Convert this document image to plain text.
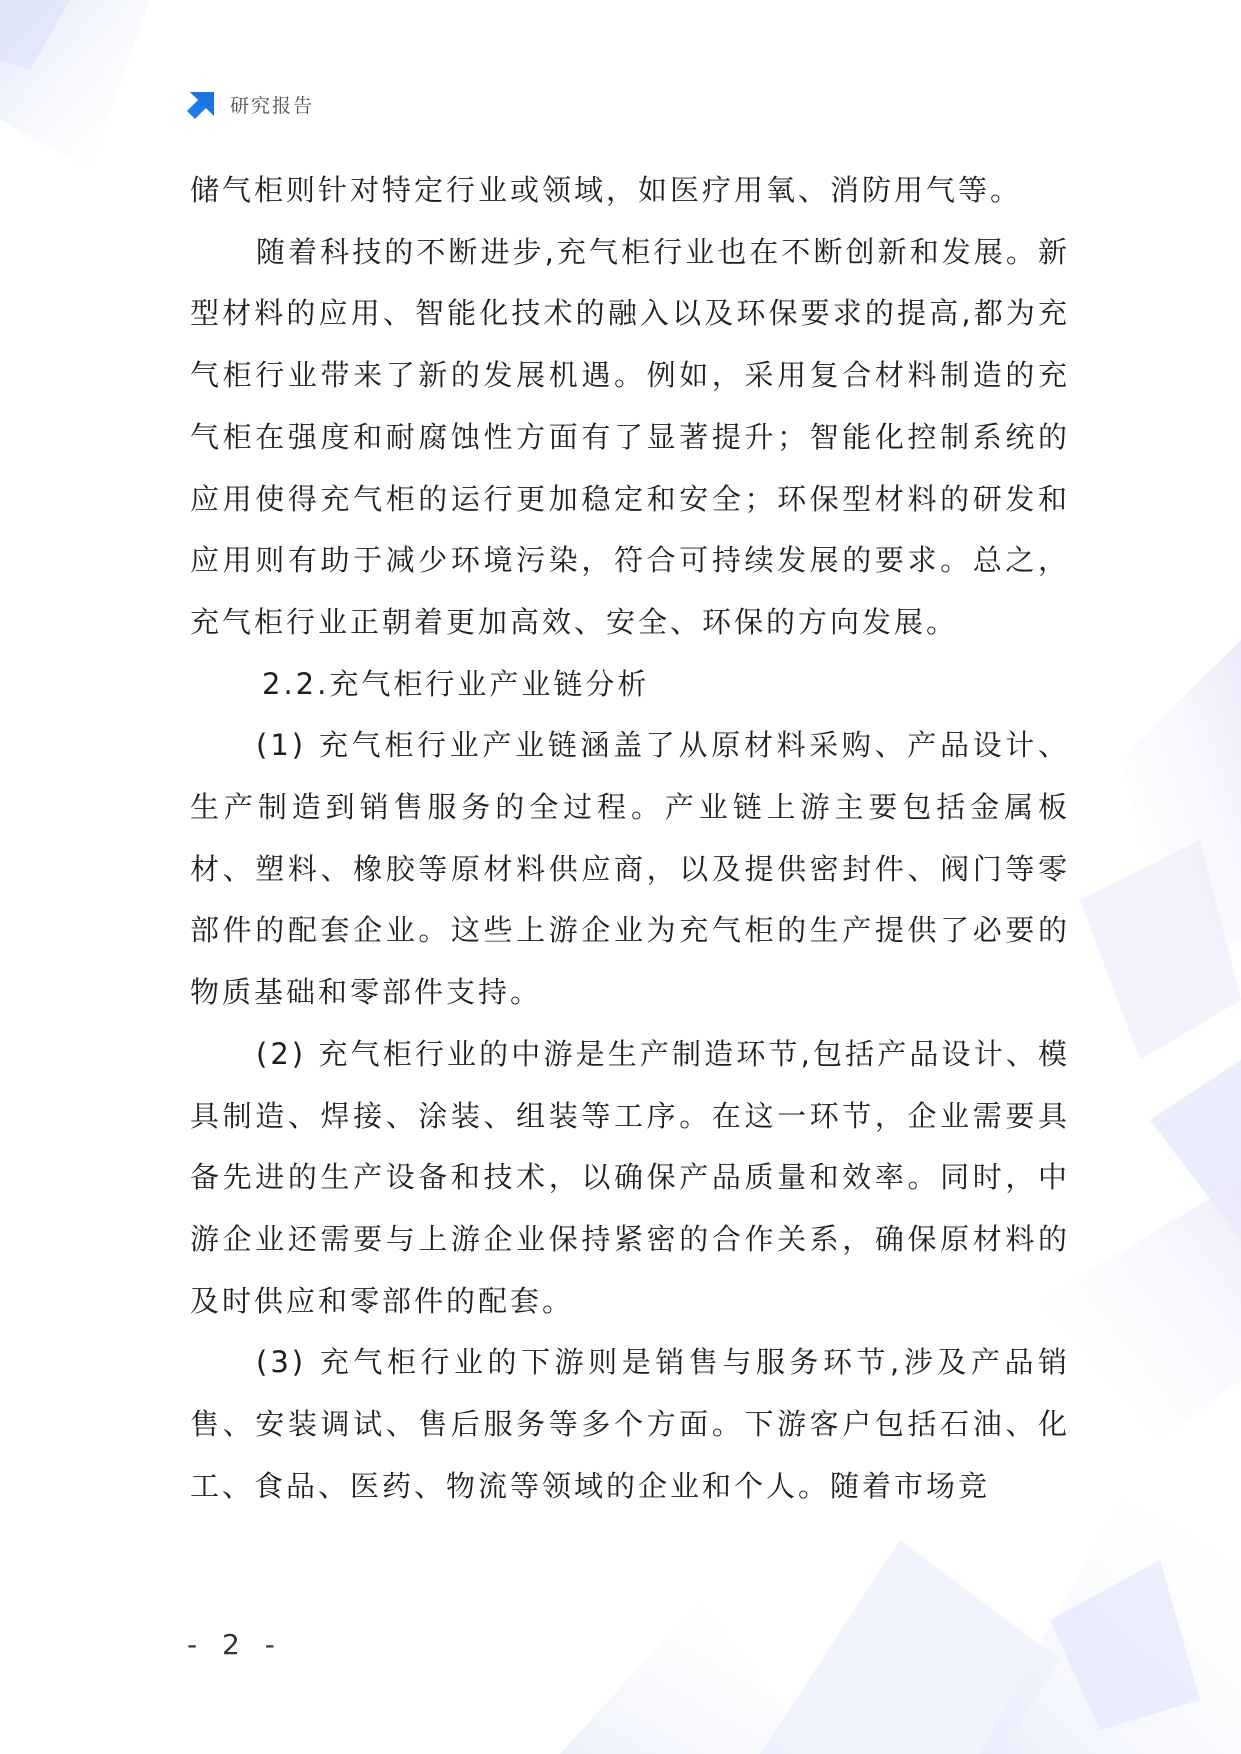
研究报告

储气柜则针对特定行业或领域，如医疗用氧、消防用气等。

随着科技的不断进步,充气柜行业也在不断创新和发展。新型材料的应用、智能化技术的融入以及环保要求的提高,都为充气柜行业带来了新的发展机遇。例如，采用复合材料制造的充气柜在强度和耐腐蚀性方面有了显著提升；智能化控制系统的应用使得充气柜的运行更加稳定和安全；环保型材料的研发和应用则有助于减少环境污染，符合可持续发展的要求。总之，充气柜行业正朝着更加高效、安全、环保的方向发展。

2.2.充气柜行业产业链分析

(1) 充气柜行业产业链涵盖了从原材料采购、产品设计、生产制造到销售服务的全过程。产业链上游主要包括金属板材、塑料、橡胶等原材料供应商，以及提供密封件、阀门等零部件的配套企业。这些上游企业为充气柜的生产提供了必要的物质基础和零部件支持。

(2) 充气柜行业的中游是生产制造环节,包括产品设计、模具制造、焊接、涂装、组装等工序。在这一环节，企业需要具备先进的生产设备和技术，以确保产品质量和效率。同时，中游企业还需要与上游企业保持紧密的合作关系，确保原材料的及时供应和零部件的配套。

(3) 充气柜行业的下游则是销售与服务环节,涉及产品销售、安装调试、售后服务等多个方面。下游客户包括石油、化工、食品、医药、物流等领域的企业和个人。随着市场竞

- 2 -
